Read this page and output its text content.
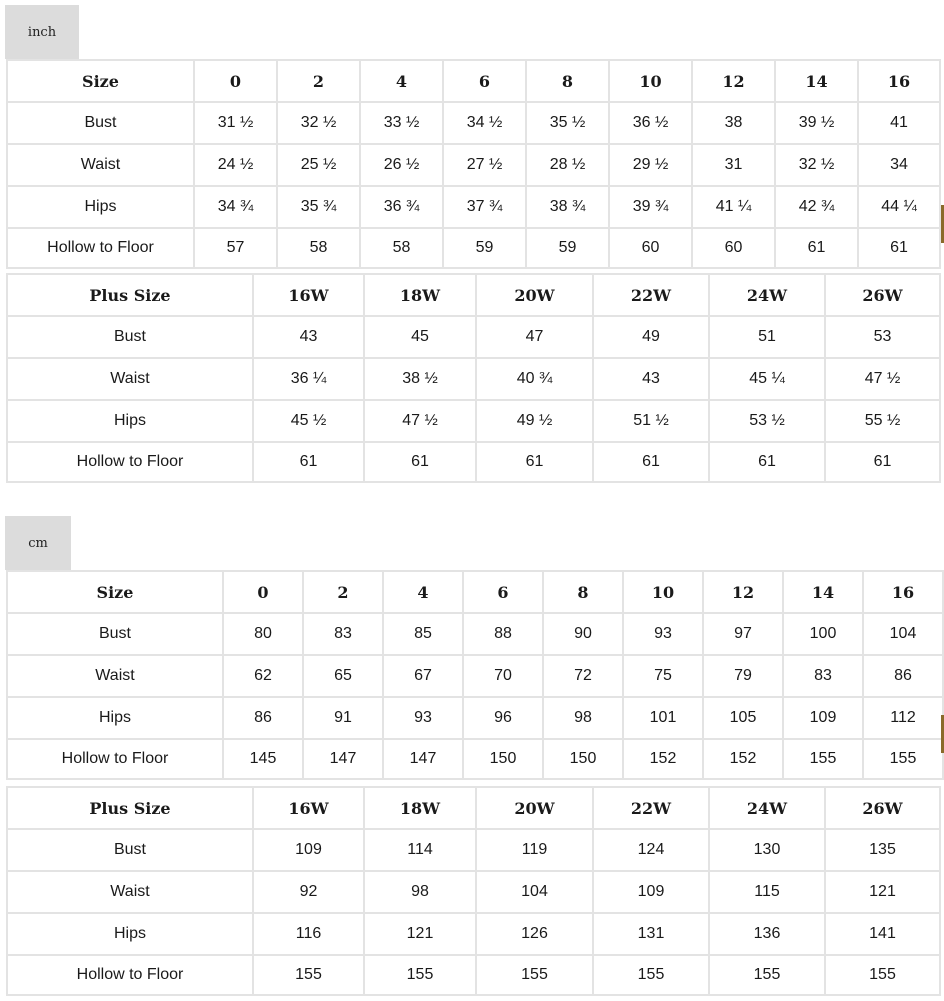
inch
Size	0	2	4	6	8	10	12	14	16
Bust	31 ½	32 ½	33 ½	34 ½	35 ½	36 ½	38	39 ½	41
Waist	24 ½	25 ½	26 ½	27 ½	28 ½	29 ½	31	32 ½	34
Hips	34 ¾	35 ¾	36 ¾	37 ¾	38 ¾	39 ¾	41 ¼	42 ¾	44 ¼
Hollow to Floor	57	58	58	59	59	60	60	61	61
Plus Size	16W	18W	20W	22W	24W	26W
Bust	43	45	47	49	51	53
Waist	36 ¼	38 ½	40 ¾	43	45 ¼	47 ½
Hips	45 ½	47 ½	49 ½	51 ½	53 ½	55 ½
Hollow to Floor	61	61	61	61	61	61
cm
Size	0	2	4	6	8	10	12	14	16
Bust	80	83	85	88	90	93	97	100	104
Waist	62	65	67	70	72	75	79	83	86
Hips	86	91	93	96	98	101	105	109	112
Hollow to Floor	145	147	147	150	150	152	152	155	155
Plus Size	16W	18W	20W	22W	24W	26W
Bust	109	114	119	124	130	135
Waist	92	98	104	109	115	121
Hips	116	121	126	131	136	141
Hollow to Floor	155	155	155	155	155	155
